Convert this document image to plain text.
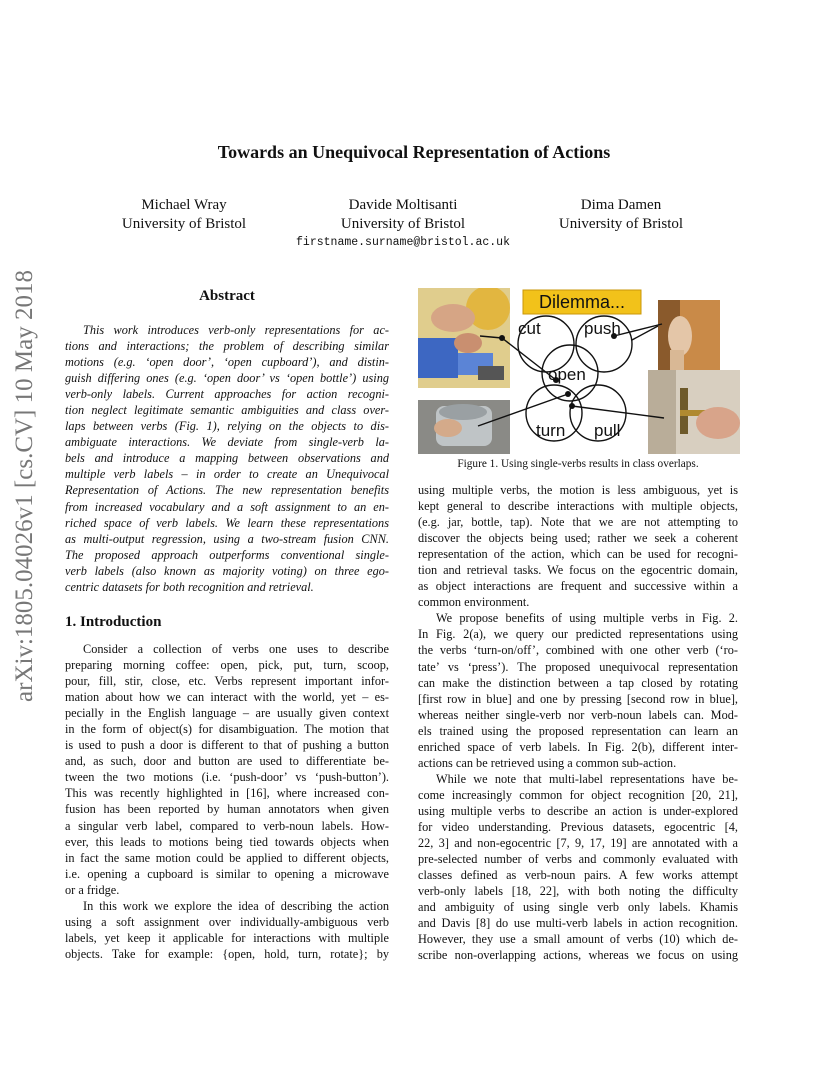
arXiv:1805.04026v1 [cs.CV] 10 May 2018
Towards an Unequivocal Representation of Actions
Michael Wray
University of Bristol
Davide Moltisanti
University of Bristol
Dima Damen
University of Bristol
firstname.surname@bristol.ac.uk
Abstract
This work introduces verb-only representations for ac-
tions and interactions; the problem of describing similar
motions (e.g. ‘open door’, ‘open cupboard’), and distin-
guish differing ones (e.g. ‘open door’ vs ‘open bottle’) using
verb-only labels. Current approaches for action recogni-
tion neglect legitimate semantic ambiguities and class over-
laps between verbs (Fig. 1), relying on the objects to dis-
ambiguate interactions. We deviate from single-verb la-
bels and introduce a mapping between observations and
multiple verb labels – in order to create an Unequivocal
Representation of Actions. The new representation benefits
from increased vocabulary and a soft assignment to an en-
riched space of verb labels. We learn these representations
as multi-output regression, using a two-stream fusion CNN.
The proposed approach outperforms conventional single-
verb labels (also known as majority voting) on three ego-
centric datasets for both recognition and retrieval.
1. Introduction
Consider a collection of verbs one uses to describe
preparing morning coffee: open, pick, put, turn, scoop,
pour, fill, stir, close, etc. Verbs represent important infor-
mation about how we can interact with the world, yet – es-
pecially in the English language – are usually given context
in the form of object(s) for disambiguation. The motion that
is used to push a door is different to that of pushing a button
and, as such, door and button are used to differentiate be-
tween the two motions (i.e. ‘push-door’ vs ‘push-button’).
This was recently highlighted in [16], where increased con-
fusion has been reported by human annotators when given
a singular verb label, compared to verb-noun labels. How-
ever, this leads to motions being tied towards objects when
in fact the same motion could be applied to different objects,
i.e. opening a cupboard is similar to opening a microwave
or a fridge.
In this work we explore the idea of describing the action
using a soft assignment over individually-ambiguous verb
labels, yet keep it applicable for interactions with multiple
objects. Take for example: {open, hold, turn, rotate}; by
Dilemma...
cut	push
open
turn pull
Figure 1. Using single-verbs results in class overlaps.
using multiple verbs, the motion is less ambiguous, yet is
kept general to describe interactions with multiple objects,
(e.g. jar, bottle, tap). Note that we are not attempting to
discover the objects being used; rather we seek a coherent
representation of the action, which can be used for recogni-
tion and retrieval tasks. We focus on the egocentric domain,
as object interactions are frequent and successive within a
common environment.
We propose benefits of using multiple verbs in Fig. 2.
In Fig. 2(a), we query our predicted representations using
the verbs ‘turn-on/off’, combined with one other verb (‘ro-
tate’ vs ‘press’). The proposed unequivocal representation
can make the distinction between a tap closed by rotating
[first row in blue] and one by pressing [second row in blue],
whereas neither single-verb nor verb-noun labels can. Mod-
els trained using the proposed representation can learn an
enriched space of verb labels. In Fig. 2(b), different inter-
actions can be retrieved using a common sub-action.
While we note that multi-label representations have be-
come increasingly common for object recognition [20, 21],
using multiple verbs to describe an action is under-explored
for video understanding. Previous datasets, egocentric [4,
22, 3] and non-egocentric [7, 9, 17, 19] are annotated with a
pre-selected number of verbs and commonly evaluated with
classes defined as verb-noun pairs. A few works attempt
verb-only labels [18, 22], with both noting the difficulty
and ambiguity of using single verb only labels. Khamis
and Davis [8] do use multi-verb labels in action recognition.
However, they use a small amount of verbs (10) which de-
scribe non-overlapping actions, whereas we focus on using
